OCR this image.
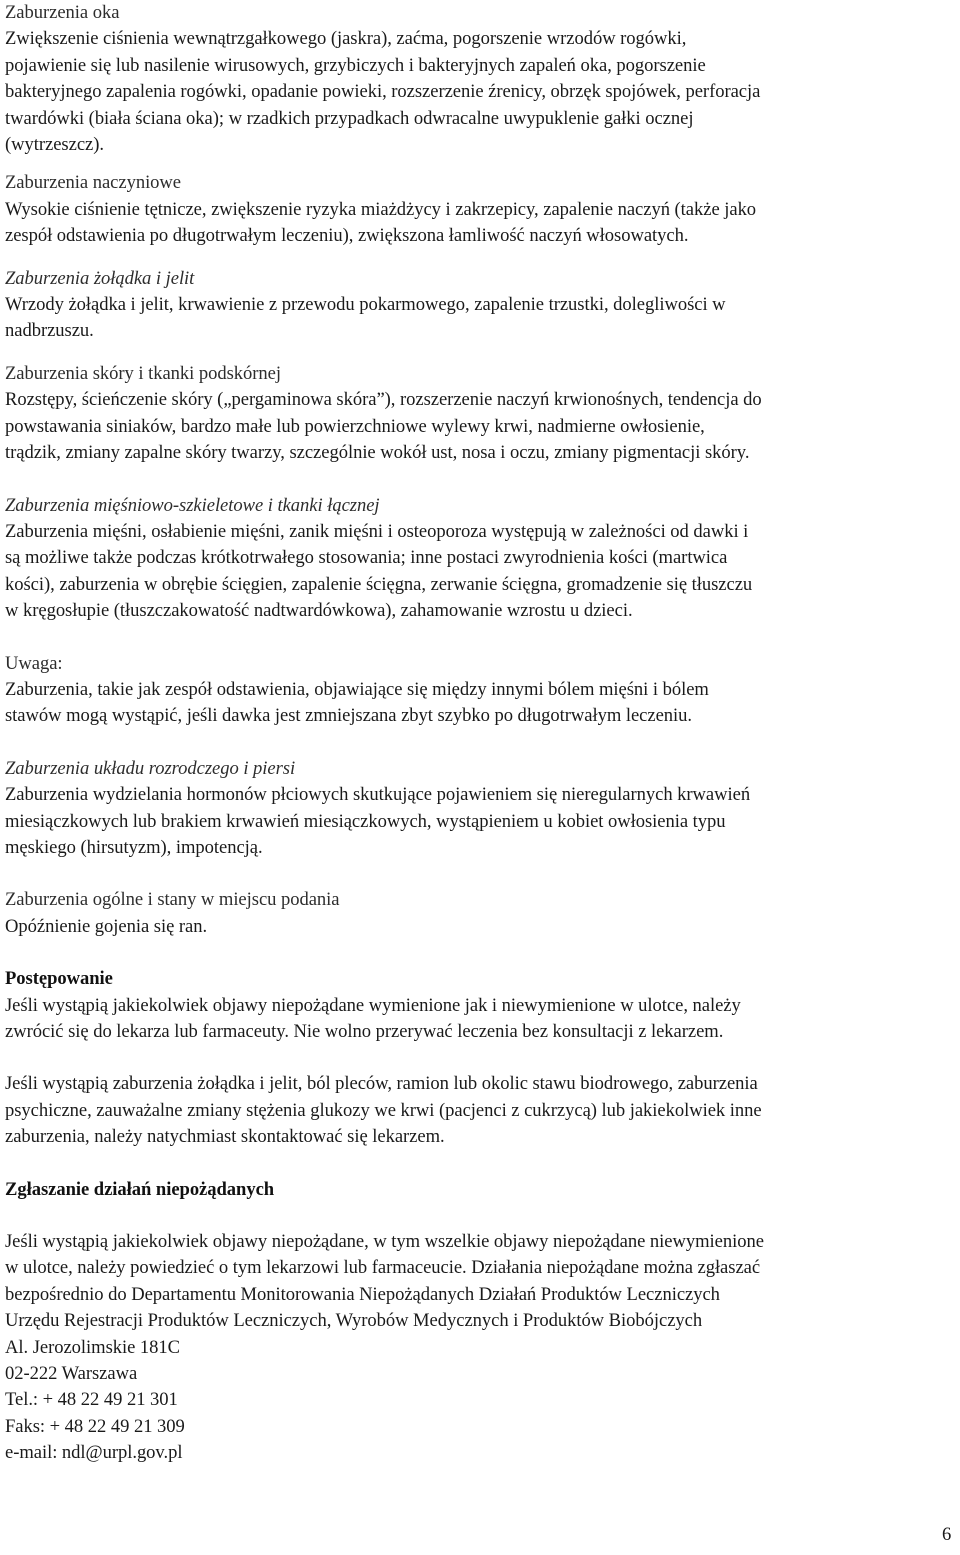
Zaburzenia oka
Zwiększenie ciśnienia wewnątrzgałkowego (jaskra), zaćma, pogorszenie wrzodów rogówki,
pojawienie się lub nasilenie wirusowych, grzybiczych i bakteryjnych zapaleń oka, pogorszenie
bakteryjnego zapalenia rogówki, opadanie powieki, rozszerzenie źrenicy, obrzęk spojówek, perforacja
twardówki (biała ściana oka); w rzadkich przypadkach odwracalne uwypuklenie gałki ocznej
(wytrzeszcz).
Zaburzenia naczyniowe
Wysokie ciśnienie tętnicze, zwiększenie ryzyka miażdżycy i zakrzepicy, zapalenie naczyń (także jako
zespół odstawienia po długotrwałym leczeniu), zwiększona łamliwość naczyń włosowatych.
Zaburzenia żołądka i jelit
Wrzody żołądka i jelit, krwawienie z przewodu pokarmowego, zapalenie trzustki, dolegliwości w
nadbrzuszu.
Zaburzenia skóry i tkanki podskórnej
Rozstępy, ścieńczenie skóry („pergaminowa skóra”), rozszerzenie naczyń krwionośnych, tendencja do
powstawania siniaków, bardzo małe lub powierzchniowe wylewy krwi, nadmierne owłosienie,
trądzik, zmiany zapalne skóry twarzy, szczególnie wokół ust, nosa i oczu, zmiany pigmentacji skóry.
Zaburzenia mięśniowo-szkieletowe i tkanki łącznej
Zaburzenia mięśni, osłabienie mięśni, zanik mięśni i osteoporoza występują w zależności od dawki i
są możliwe także podczas krótkotrwałego stosowania; inne postaci zwyrodnienia kości (martwica
kości), zaburzenia w obrębie ścięgien, zapalenie ścięgna, zerwanie ścięgna, gromadzenie się tłuszczu
w kręgosłupie (tłuszczakowatość nadtwardówkowa), zahamowanie wzrostu u dzieci.
Uwaga:
Zaburzenia, takie jak zespół odstawienia, objawiające się między innymi bólem mięśni i bólem
stawów mogą wystąpić, jeśli dawka jest zmniejszana zbyt szybko po długotrwałym leczeniu.
Zaburzenia układu rozrodczego i piersi
Zaburzenia wydzielania hormonów płciowych skutkujące pojawieniem się nieregularnych krwawień
miesiączkowych lub brakiem krwawień miesiączkowych, wystąpieniem u kobiet owłosienia typu
męskiego (hirsutyzm), impotencją.
Zaburzenia ogólne i stany w miejscu podania
Opóźnienie gojenia się ran.
Postępowanie
Jeśli wystąpią jakiekolwiek objawy niepożądane wymienione jak i niewymienione w ulotce, należy
zwrócić się do lekarza lub farmaceuty. Nie wolno przerywać leczenia bez konsultacji z lekarzem.
Jeśli wystąpią zaburzenia żołądka i jelit, ból pleców, ramion lub okolic stawu biodrowego, zaburzenia
psychiczne, zauważalne zmiany stężenia glukozy we krwi (pacjenci z cukrzycą) lub jakiekolwiek inne
zaburzenia, należy natychmiast skontaktować się lekarzem.
Zgłaszanie działań niepożądanych
Jeśli wystąpią jakiekolwiek objawy niepożądane, w tym wszelkie objawy niepożądane niewymienione
w ulotce, należy powiedzieć o tym lekarzowi lub farmaceucie. Działania niepożądane można zgłaszać
bezpośrednio do Departamentu Monitorowania Niepożądanych Działań Produktów Leczniczych
Urzędu Rejestracji Produktów Leczniczych, Wyrobów Medycznych i Produktów Biobójczych
Al. Jerozolimskie 181C
02-222 Warszawa
Tel.: + 48 22 49 21 301
Faks: + 48 22 49 21 309
e-mail: ndl@urpl.gov.pl
6
